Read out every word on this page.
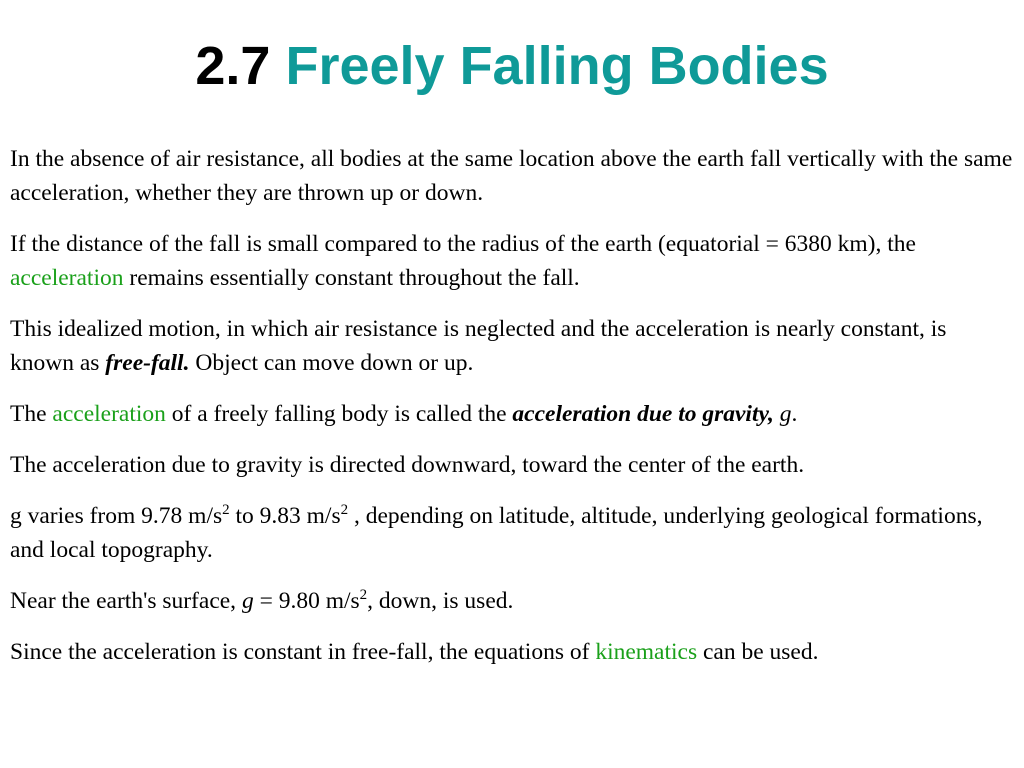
2.7 Freely Falling Bodies

In the absence of air resistance, all bodies at the same location above the earth fall vertically with the same acceleration, whether they are thrown up or down.

If the distance of the fall is small compared to the radius of the earth (equatorial = 6380 km), the acceleration remains essentially constant throughout the fall.

This idealized motion, in which air resistance is neglected and the acceleration is nearly constant, is known as free-fall. Object can move down or up.

The acceleration of a freely falling body is called the acceleration due to gravity, g.

The acceleration due to gravity is directed downward, toward the center of the earth.

g varies from 9.78 $m/s^2$ to 9.83 $m/s^2$ , depending on latitude, altitude, underlying geological formations, and local topography.

Near the earth's surface, g = 9.80 $m/s^2$, down, is used.

Since the acceleration is constant in free-fall, the equations of kinematics can be used.
